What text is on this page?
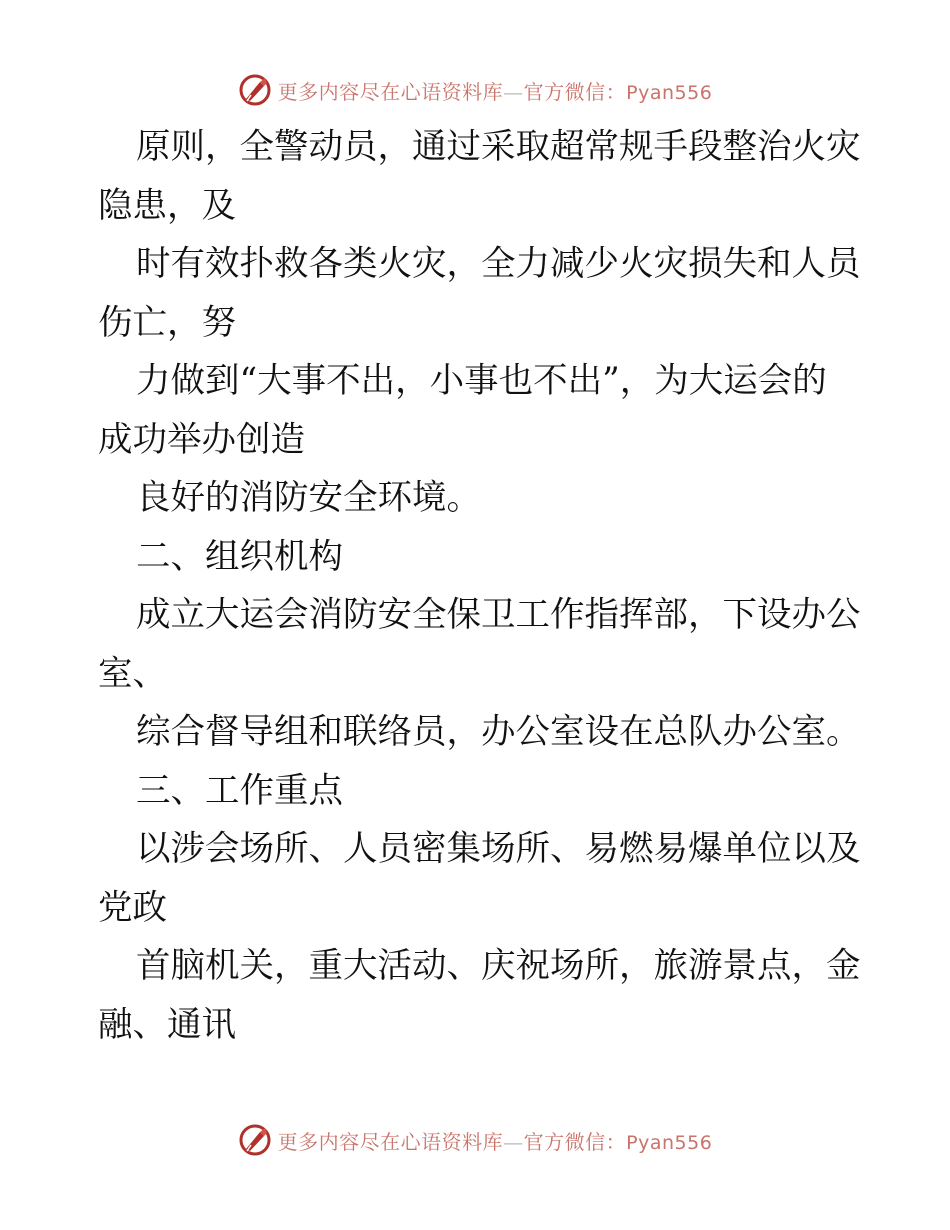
更多内容尽在心语资料库—官方微信：Pyan556
原则，全警动员，通过采取超常规手段整治火灾
隐患，及
时有效扑救各类火灾，全力减少火灾损失和人员
伤亡，努
力做到“大事不出，小事也不出”，为大运会的
成功举办创造
良好的消防安全环境。
二、组织机构
成立大运会消防安全保卫工作指挥部，下设办公
室、
综合督导组和联络员，办公室设在总队办公室。
三、工作重点
以涉会场所、人员密集场所、易燃易爆单位以及
党政
首脑机关，重大活动、庆祝场所，旅游景点，金
融、通讯
更多内容尽在心语资料库—官方微信：Pyan556
